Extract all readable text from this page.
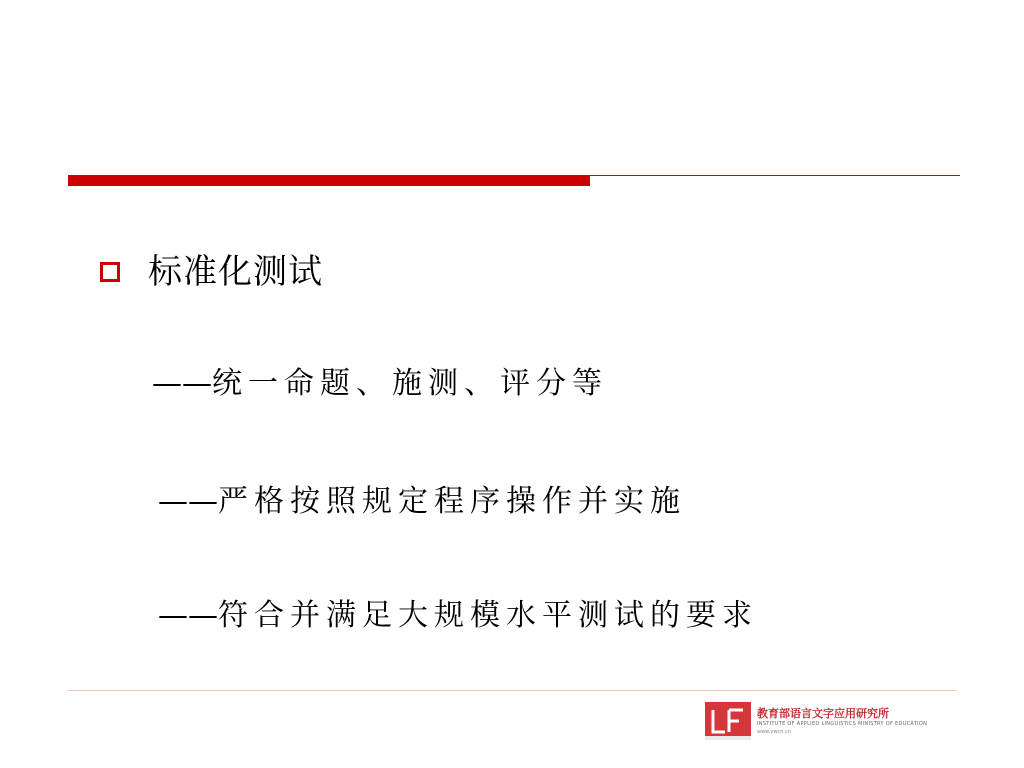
标准化测试
——统一命题、施测、评分等
——严格按照规定程序操作并实施
——符合并满足大规模水平测试的要求
教育部语言文字应用研究所
INSTITUTE OF APPLIED LINGUISTICS MINISTRY OF EDUCATION
www.ywcn.cn
